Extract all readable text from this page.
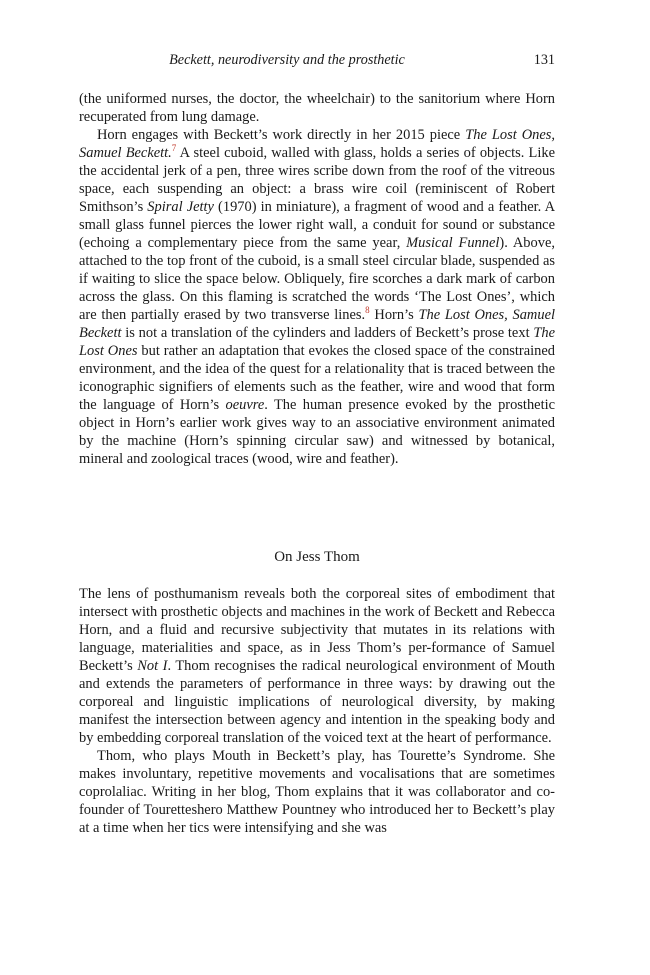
Beckett, neurodiversity and the prosthetic	131

(the uniformed nurses, the doctor, the wheelchair) to the sanitorium where Horn recuperated from lung damage.

Horn engages with Beckett’s work directly in her 2015 piece The Lost Ones, Samuel Beckett.$^7$ A steel cuboid, walled with glass, holds a series of objects. Like the accidental jerk of a pen, three wires scribe down from the roof of the vitreous space, each suspending an object: a brass wire coil (reminiscent of Robert Smithson’s Spiral Jetty (1970) in miniature), a fragment of wood and a feather. A small glass funnel pierces the lower right wall, a conduit for sound or substance (echoing a complementary piece from the same year, Musical Funnel). Above, attached to the top front of the cuboid, is a small steel circular blade, suspended as if waiting to slice the space below. Obliquely, fire scorches a dark mark of carbon across the glass. On this flaming is scratched the words ‘The Lost Ones’, which are then partially erased by two transverse lines.$^8$ Horn’s The Lost Ones, Samuel Beckett is not a translation of the cylinders and ladders of Beckett’s prose text The Lost Ones but rather an adaptation that evokes the closed space of the constrained environment, and the idea of the quest for a relationality that is traced between the iconographic signifiers of elements such as the feather, wire and wood that form the language of Horn’s oeuvre. The human presence evoked by the prosthetic object in Horn’s earlier work gives way to an associative environment animated by the machine (Horn’s spinning circular saw) and witnessed by botanical, mineral and zoological traces (wood, wire and feather).

On Jess Thom

The lens of posthumanism reveals both the corporeal sites of embodiment that intersect with prosthetic objects and machines in the work of Beckett and Rebecca Horn, and a fluid and recursive subjectivity that mutates in its relations with language, materialities and space, as in Jess Thom’s per-formance of Samuel Beckett’s Not I. Thom recognises the radical neurological environment of Mouth and extends the parameters of performance in three ways: by drawing out the corporeal and linguistic implications of neurological diversity, by making manifest the intersection between agency and intention in the speaking body and by embedding corporeal translation of the voiced text at the heart of performance.

Thom, who plays Mouth in Beckett’s play, has Tourette’s Syndrome. She makes involuntary, repetitive movements and vocalisations that are sometimes coprolaliac. Writing in her blog, Thom explains that it was collaborator and co-founder of Touretteshero Matthew Pountney who introduced her to Beckett’s play at a time when her tics were intensifying and she was
